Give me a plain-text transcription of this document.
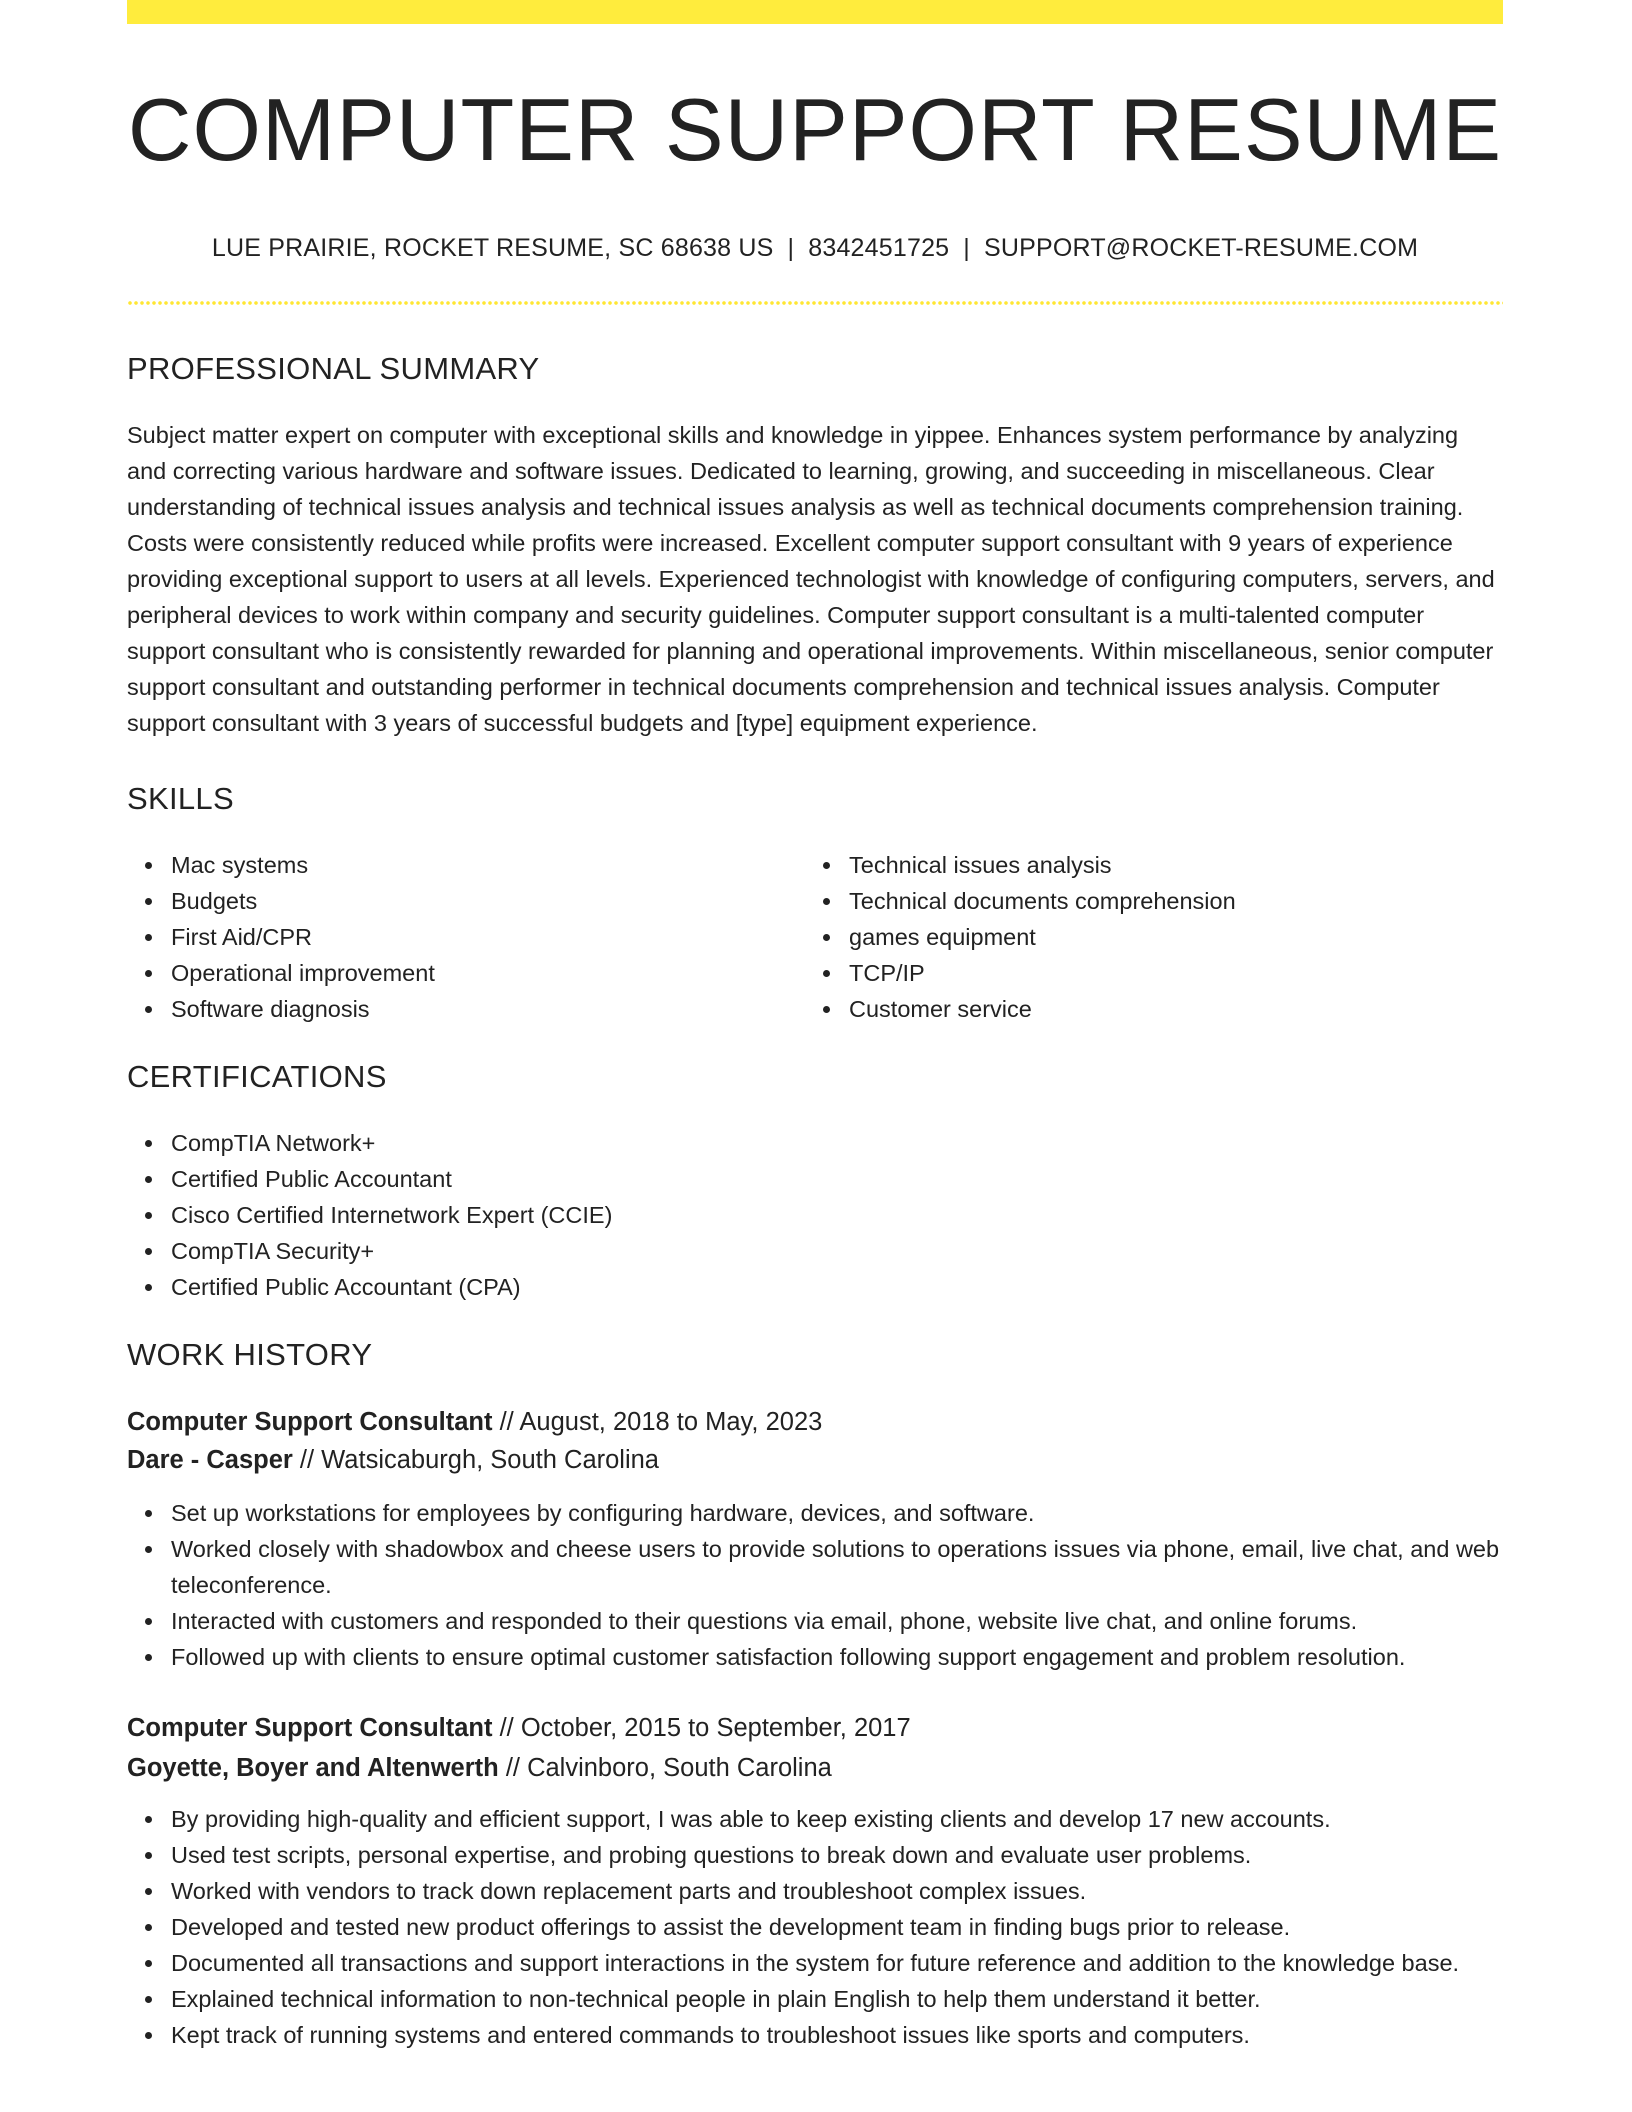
COMPUTER SUPPORT RESUME
LUE PRAIRIE, ROCKET RESUME, SC 68638 US | 8342451725 | SUPPORT@ROCKET-RESUME.COM
PROFESSIONAL SUMMARY

Subject matter expert on computer with exceptional skills and knowledge in yippee. Enhances system performance by analyzing and correcting various hardware and software issues. Dedicated to learning, growing, and succeeding in miscellaneous. Clear understanding of technical issues analysis and technical issues analysis as well as technical documents comprehension training. Costs were consistently reduced while profits were increased. Excellent computer support consultant with 9 years of experience providing exceptional support to users at all levels. Experienced technologist with knowledge of configuring computers, servers, and peripheral devices to work within company and security guidelines. Computer support consultant is a multi-talented computer support consultant who is consistently rewarded for planning and operational improvements. Within miscellaneous, senior computer support consultant and outstanding performer in technical documents comprehension and technical issues analysis. Computer support consultant with 3 years of successful budgets and [type] equipment experience.

SKILLS
Mac systems
Budgets
First Aid/CPR
Operational improvement
Software diagnosis
Technical issues analysis
Technical documents comprehension
games equipment
TCP/IP
Customer service
CERTIFICATIONS
CompTIA Network+
Certified Public Accountant
Cisco Certified Internetwork Expert (CCIE)
CompTIA Security+
Certified Public Accountant (CPA)
WORK HISTORY
Computer Support Consultant // August, 2018 to May, 2023
Dare - Casper // Watsicaburgh, South Carolina
Set up workstations for employees by configuring hardware, devices, and software.
Worked closely with shadowbox and cheese users to provide solutions to operations issues via phone, email, live chat, and web teleconference.
Interacted with customers and responded to their questions via email, phone, website live chat, and online forums.
Followed up with clients to ensure optimal customer satisfaction following support engagement and problem resolution.
Computer Support Consultant // October, 2015 to September, 2017
Goyette, Boyer and Altenwerth // Calvinboro, South Carolina
By providing high-quality and efficient support, I was able to keep existing clients and develop 17 new accounts.
Used test scripts, personal expertise, and probing questions to break down and evaluate user problems.
Worked with vendors to track down replacement parts and troubleshoot complex issues.
Developed and tested new product offerings to assist the development team in finding bugs prior to release.
Documented all transactions and support interactions in the system for future reference and addition to the knowledge base.
Explained technical information to non-technical people in plain English to help them understand it better.
Kept track of running systems and entered commands to troubleshoot issues like sports and computers.
